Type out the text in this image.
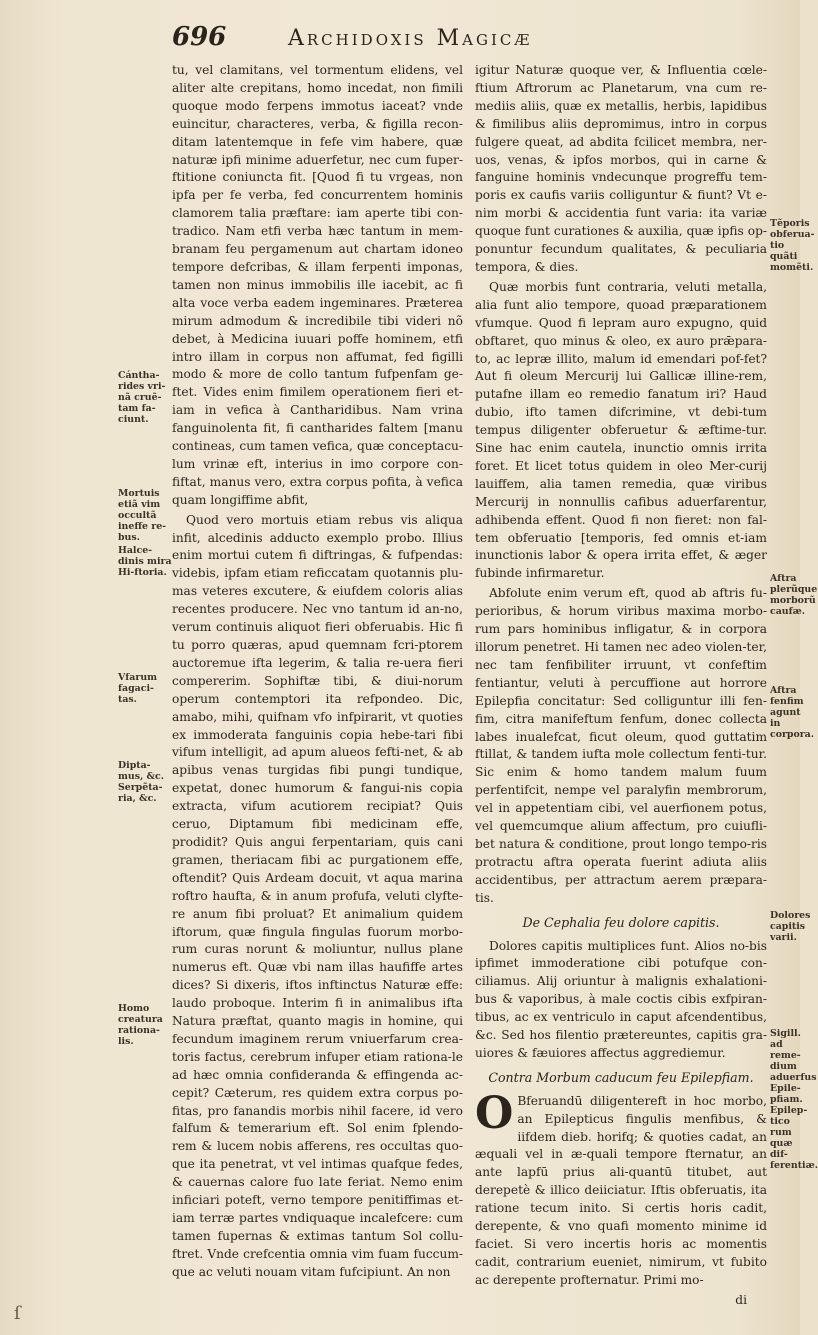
696	Archidoxis Magicæ
Cántha-rides vri-nã cruẽ-tam fa-ciunt.
Mortuis etiã vim occultã ineffe re-bus.
Halce-dinis mira Hi-ftoria.
Vfarum fagaci-tas.
Dipta-mus, &c. Serpẽta-ria, &c.
Homo creatura rationa-lis.
Tẽporis obferua-tio quãti momẽti.
Aftra plerũque morborũ caufæ.
Aftra fenfim agunt in corpora.
Dolores capitis varii.
Sigill. ad reme-dium aduerfus Epile-pfiam. Epilep-tico rum quæ dif-ferentiæ.

tu, vel clamitans, vel tormentum elidens, vel aliter alte crepitans, homo incedat, non fimili quoque modo ferpens immotus iaceat? vnde euincitur, characteres, verba, & figilla recon-ditam latentemque in fefe vim habere, quæ naturæ ipfi minime aduerfetur, nec cum fuper-ftitione coniuncta fit. [Quod fi tu vrgeas, non ipfa per fe verba, fed concurrentem hominis clamorem talia præftare: iam aperte tibi con-tradico. Nam etfi verba hæc tantum in mem-branam feu pergamenum aut chartam idoneo tempore defcribas, & illam ferpenti imponas, tamen non minus immobilis ille iacebit, ac fi alta voce verba eadem ingeminares. Præterea mirum admodum & incredibile tibi videri nõ debet, à Medicina iuuari poffe hominem, etfi intro illam in corpus non affumat, fed figilli modo & more de collo tantum fufpenfam ge-ftet. Vides enim fimilem operationem fieri et-iam in vefica à Cantharidibus. Nam vrina fanguinolenta fit, fi cantharides faltem [manu contineas, cum tamen vefica, quæ conceptacu-lum vrinæ eft, interius in imo corpore con-fiftat, manus vero, extra corpus pofita, à vefica quam longiffime abfit,

Quod vero mortuis etiam rebus vis aliqua infit, alcedinis adducto exemplo probo. Illius enim mortui cutem fi diftringas, & fufpendas: videbis, ipfam etiam reficcatam quotannis plu-mas veteres excutere, & eiufdem coloris alias recentes producere. Nec vno tantum id an-no, verum continuis aliquot fieri obferuabis. Hic fi tu porro quæras, apud quemnam fcri-ptorem auctoremue ifta legerim, & talia re-uera fieri compererim. Sophiftæ tibi, & diui-norum operum contemptori ita refpondeo. Dic, amabo, mihi, quifnam vfo infpirarit, vt quoties ex immoderata fanguinis copia hebe-tari fibi vifum intelligit, ad apum alueos fefti-net, & ab apibus venas turgidas fibi pungi tundique, expetat, donec humorum & fangui-nis copia extracta, vifum acutiorem recipiat? Quis ceruo, Diptamum fibi medicinam effe, prodidit? Quis angui ferpentariam, quis cani gramen, theriacam fibi ac purgationem effe, oftendit? Quis Ardeam docuit, vt aqua marina roftro haufta, & in anum profufa, veluti clyfte-re anum fibi proluat? Et animalium quidem iftorum, quæ fingula fingulas fuorum morbo-rum curas norunt & moliuntur, nullus plane numerus eft. Quæ vbi nam illas haufiffe artes dices? Si dixeris, iftos inftinctus Naturæ effe: laudo proboque. Interim fi in animalibus ifta Natura præftat, quanto magis in homine, qui fecundum imaginem rerum vniuerfarum crea-toris factus, cerebrum infuper etiam rationa-le ad hæc omnia confideranda & effingenda ac-cepit? Cæterum, res quidem extra corpus po-fitas, pro fanandis morbis nihil facere, id vero falfum & temerarium eft. Sol enim fplendo-rem & lucem nobis afferens, res occultas quo-que ita penetrat, vt vel intimas quafque fedes, & cauernas calore fuo late feriat. Nemo enim inficiari poteft, verno tempore penitiffimas et-iam terræ partes vndiquaque incalefcere: cum tamen fupernas & extimas tantum Sol collu-ftret. Vnde crefcentia omnia vim fuam fuccum-que ac veluti nouam vitam fufcipiunt. An non

igitur Naturæ quoque ver, & Influentia cœle-ftium Aftrorum ac Planetarum, vna cum re-mediis aliis, quæ ex metallis, herbis, lapidibus & fimilibus aliis depromimus, intro in corpus fulgere queat, ad abdita fcilicet membra, ner-uos, venas, & ipfos morbos, qui in carne & fanguine hominis vndecunque progreffu tem-poris ex caufis variis colliguntur & fiunt? Vt e-nim morbi & accidentia funt varia: ita variæ quoque funt curationes & auxilia, quæ ipfis op-ponuntur fecundum qualitates, & peculiaria tempora, & dies.

Quæ morbis funt contraria, veluti metalla, alia funt alio tempore, quoad præparationem vfumque. Quod fi lepram auro expugno, quid obftaret, quo minus & oleo, ex auro prǣpara-to, ac lepræ illito, malum id emendari pof-fet? Aut fi oleum Mercurij lui Gallicæ illine-rem, putafne illam eo remedio fanatum iri? Haud dubio, ifto tamen difcrimine, vt debi-tum tempus diligenter obferuetur & æftime-tur. Sine hac enim cautela, inunctio omnis irrita foret. Et licet totus quidem in oleo Mer-curij lauiffem, alia tamen remedia, quæ viribus Mercurij in nonnullis cafibus aduerfarentur, adhibenda effent. Quod fi non fieret: non fal-tem obferuatio [temporis, fed omnis et-iam inunctionis labor & opera irrita effet, & æger fubinde infirmaretur.

Abfolute enim verum eft, quod ab aftris fu-perioribus, & horum viribus maxima morbo-rum pars hominibus infligatur, & in corpora illorum penetret. Hi tamen nec adeo violen-ter, nec tam fenfibiliter irruunt, vt confeftim fentiantur, veluti à percuffione aut horrore Epilepfia concitatur: Sed colliguntur illi fen-fim, citra manifeftum fenfum, donec collecta labes inualefcat, ficut oleum, quod guttatim ftillat, & tandem iufta mole collectum fenti-tur. Sic enim & homo tandem malum fuum perfentifcit, nempe vel paralyfin membrorum, vel in appetentiam cibi, vel auerfionem potus, vel quemcumque alium affectum, pro cuiufli-bet natura & conditione, prout longo tempo-ris protractu aftra operata fuerint adiuta aliis accidentibus, per attractum aerem præpara-tis.

De Cephalia feu dolore capitis.

Dolores capitis multiplices funt. Alios no-bis ipfimet immoderatione cibi potufque con-ciliamus. Alij oriuntur à malignis exhalationi-bus & vaporibus, à male coctis cibis exfpiran-tibus, ac ex ventriculo in caput afcendentibus, &c. Sed hos filentio prætereuntes, capitis gra-uiores & fæuiores affectus aggrediemur.

Contra Morbum caducum feu Epilepfiam.

O Bferuandū diligentereft in hoc morbo, an Epilepticus fingulis menfibus, & iifdem dieb. horifq; & quoties cadat, an æquali vel in æ-quali tempore fternatur, an ante lapfū prius ali-quantū titubet, aut derepetè & illico deiiciatur. Iftis obferuatis, ita ratione tecum inito. Si certis horis cadit, derepente, & vno quafi momento minime id faciet. Si vero incertis horis ac momentis cadit, contrarium eueniet, nimirum, vt fubito ac derepente profternatur. Primi mo-

di
ſ
